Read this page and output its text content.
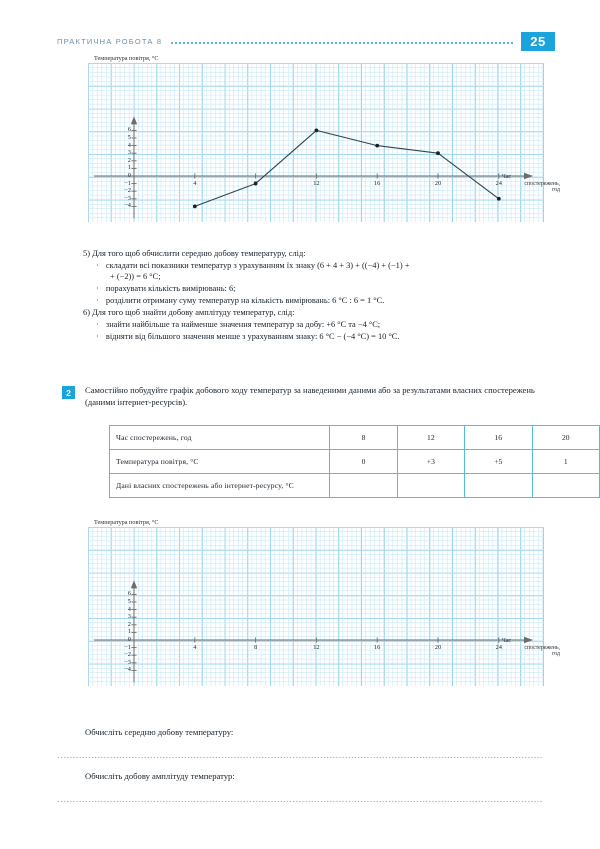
ПРАКТИЧНА РОБОТА 8	25
Температура повітря, °C
Час
спостережень,
год
6
5
4
3
2
1
0
−1
−2
−3
−4
4	8	12	16	20	24
5) Для того щоб обчислити середню добову температуру, слід:
· складати всі показники температур з урахуванням їх знаку (6 + 4 + 3) + ((−4) + (−1) +
+ (−2)) = 6 °С;
· порахувати кількість вимірювань: 6;
· розділити отриману суму температур на кількість вимірювань: 6 °С : 6 = 1 °С.
6) Для того щоб знайти добову амплітуду температур, слід:
· знайти найбільше та найменше значення температур за добу: +6 °С та −4 °С;
· відняти від більшого значення менше з урахуванням знаку: 6 °С − (−4 °С) = 10 °С.
2	Самостійно побудуйте графік добового ходу температур за наведеними даними або за результатами власних спостережень (даними інтернет-ресурсів).
Час спостережень, год	8	12	16	20
Температура повітря, °С	0	+3	+5	1
Дані власних спостережень або інтернет-ресурсу, °С				
Температура повітря, °C
Час
спостережень,
год
6
5
4
3
2
1
0
−1
−2
−3
−4
4	8	12	16	20	24
Обчисліть середню добову температуру:
Обчисліть добову амплітуду температур:
